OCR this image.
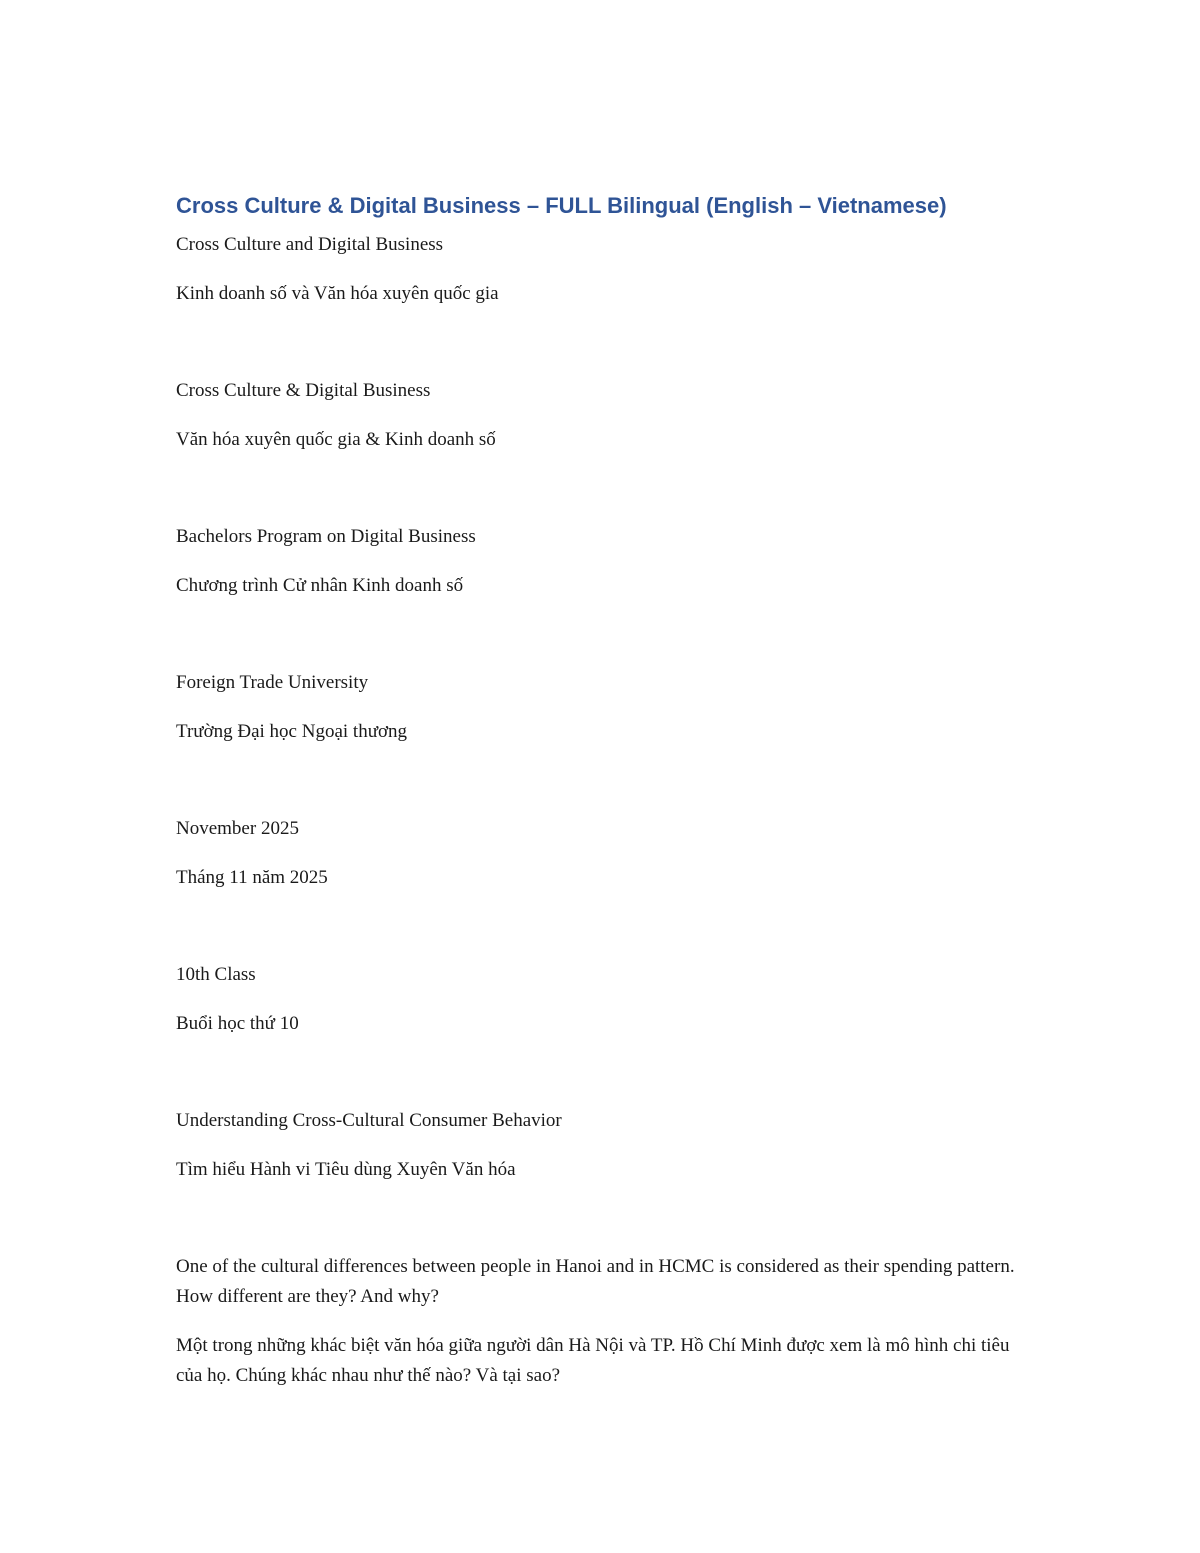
Cross Culture & Digital Business – FULL Bilingual (English – Vietnamese)

Cross Culture and Digital Business

Kinh doanh số và Văn hóa xuyên quốc gia

Cross Culture & Digital Business

Văn hóa xuyên quốc gia & Kinh doanh số

Bachelors Program on Digital Business

Chương trình Cử nhân Kinh doanh số

Foreign Trade University

Trường Đại học Ngoại thương

November 2025

Tháng 11 năm 2025

10th Class

Buổi học thứ 10

Understanding Cross-Cultural Consumer Behavior

Tìm hiểu Hành vi Tiêu dùng Xuyên Văn hóa

One of the cultural differences between people in Hanoi and in HCMC is considered as their spending pattern. How different are they? And why?

Một trong những khác biệt văn hóa giữa người dân Hà Nội và TP. Hồ Chí Minh được xem là mô hình chi tiêu của họ. Chúng khác nhau như thế nào? Và tại sao?
